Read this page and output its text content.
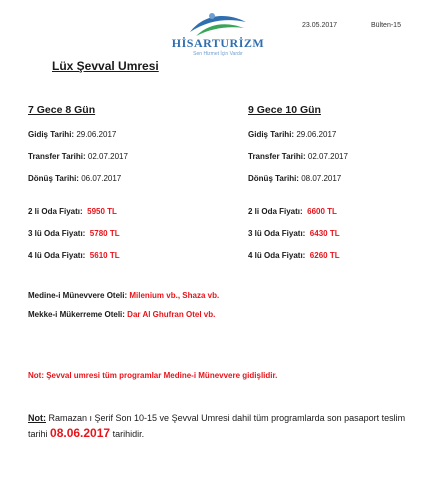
HİSARTURİZM
Sen Hizmet İçin Vardır
23.05.2017	Bülten-15
Lüx Şevval Umresi
7 Gece 8 Gün
Gidiş Tarihi: 29.06.2017
Transfer Tarihi: 02.07.2017
Dönüş Tarihi: 06.07.2017
2 li Oda Fiyatı: 5950 TL
3 lü Oda Fiyatı: 5780 TL
4 lü Oda Fiyatı: 5610 TL
9 Gece 10 Gün
Gidiş Tarihi: 29.06.2017
Transfer Tarihi: 02.07.2017
Dönüş Tarihi: 08.07.2017
2 li Oda Fiyatı: 6600 TL
3 lü Oda Fiyatı: 6430 TL
4 lü Oda Fiyatı: 6260 TL
Medine-i Münevvere Oteli: Milenium vb., Shaza vb.
Mekke-i Mükerreme Oteli: Dar Al Ghufran Otel vb.
Not: Şevval umresi tüm programlar Medine-i Münevvere gidişlidir.
Not: Ramazan ı Şerif Son 10-15 ve Şevval Umresi dahil tüm programlarda son pasaport teslim tarihi 08.06.2017 tarihidir.
